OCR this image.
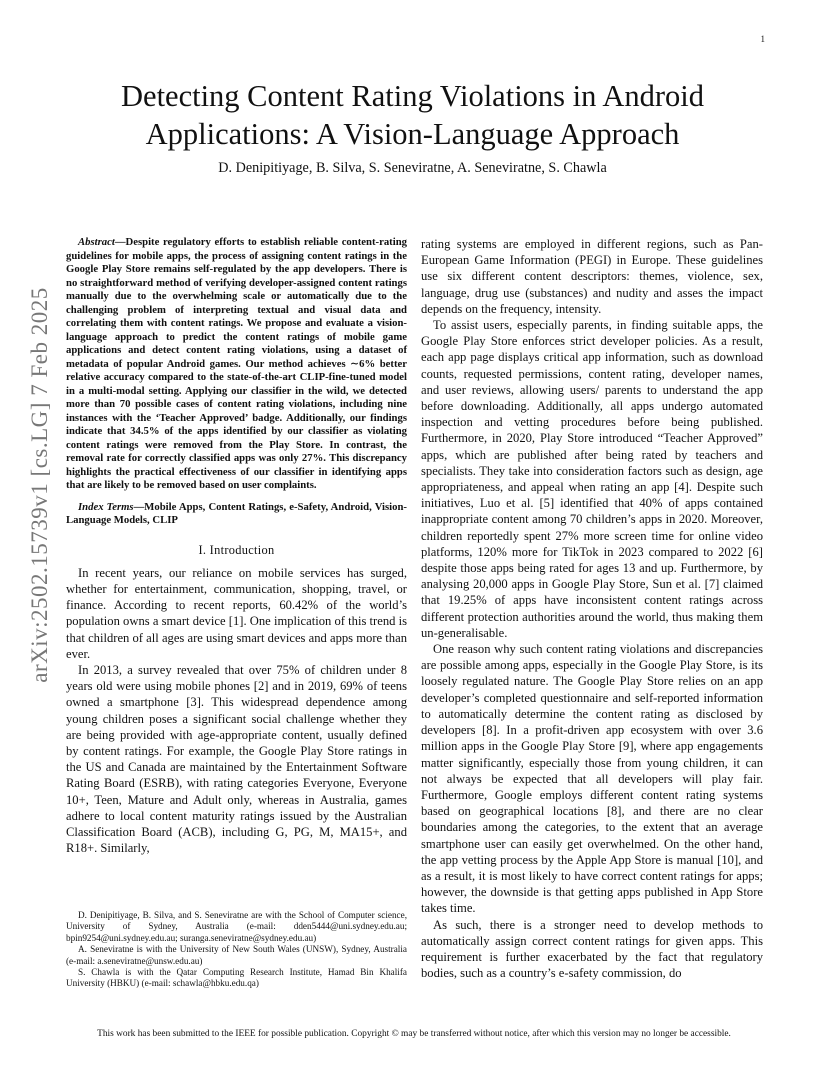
1
arXiv:2502.15739v1 [cs.LG] 7 Feb 2025
Detecting Content Rating Violations in Android Applications: A Vision-Language Approach
D. Denipitiyage, B. Silva, S. Seneviratne, A. Seneviratne, S. Chawla

Abstract—Despite regulatory efforts to establish reliable content-rating guidelines for mobile apps, the process of assigning content ratings in the Google Play Store remains self-regulated by the app developers. There is no straightforward method of verifying developer-assigned content ratings manually due to the overwhelming scale or automatically due to the challenging problem of interpreting textual and visual data and correlating them with content ratings. We propose and evaluate a vision-language approach to predict the content ratings of mobile game applications and detect content rating violations, using a dataset of metadata of popular Android games. Our method achieves ∼6% better relative accuracy compared to the state-of-the-art CLIP-fine-tuned model in a multi-modal setting. Applying our classifier in the wild, we detected more than 70 possible cases of content rating violations, including nine instances with the ‘Teacher Approved’ badge. Additionally, our findings indicate that 34.5% of the apps identified by our classifier as violating content ratings were removed from the Play Store. In contrast, the removal rate for correctly classified apps was only 27%. This discrepancy highlights the practical effectiveness of our classifier in identifying apps that are likely to be removed based on user complaints.

Index Terms—Mobile Apps, Content Ratings, e-Safety, Android, Vision-Language Models, CLIP

I. Introduction

In recent years, our reliance on mobile services has surged, whether for entertainment, communication, shopping, travel, or finance. According to recent reports, 60.42% of the world’s population owns a smart device [1]. One implication of this trend is that children of all ages are using smart devices and apps more than ever.

In 2013, a survey revealed that over 75% of children under 8 years old were using mobile phones [2] and in 2019, 69% of teens owned a smartphone [3]. This widespread dependence among young children poses a significant social challenge whether they are being provided with age-appropriate content, usually defined by content ratings. For example, the Google Play Store ratings in the US and Canada are maintained by the Entertainment Software Rating Board (ESRB), with rating categories Everyone, Everyone 10+, Teen, Mature and Adult only, whereas in Australia, games adhere to local content maturity ratings issued by the Australian Classification Board (ACB), including G, PG, M, MA15+, and R18+. Similarly,

rating systems are employed in different regions, such as Pan-European Game Information (PEGI) in Europe. These guidelines use six different content descriptors: themes, violence, sex, language, drug use (substances) and nudity and asses the impact depends on the frequency, intensity.

To assist users, especially parents, in finding suitable apps, the Google Play Store enforces strict developer policies. As a result, each app page displays critical app information, such as download counts, requested permissions, content rating, developer names, and user reviews, allowing users/ parents to understand the app before downloading. Additionally, all apps undergo automated inspection and vetting procedures before being published. Furthermore, in 2020, Play Store introduced “Teacher Approved” apps, which are published after being rated by teachers and specialists. They take into consideration factors such as design, age appropriateness, and appeal when rating an app [4]. Despite such initiatives, Luo et al. [5] identified that 40% of apps contained inappropriate content among 70 children’s apps in 2020. Moreover, children reportedly spent 27% more screen time for online video platforms, 120% more for TikTok in 2023 compared to 2022 [6] despite those apps being rated for ages 13 and up. Furthermore, by analysing 20,000 apps in Google Play Store, Sun et al. [7] claimed that 19.25% of apps have inconsistent content ratings across different protection authorities around the world, thus making them un-generalisable.

One reason why such content rating violations and discrepancies are possible among apps, especially in the Google Play Store, is its loosely regulated nature. The Google Play Store relies on an app developer’s completed questionnaire and self-reported information to automatically determine the content rating as disclosed by developers [8]. In a profit-driven app ecosystem with over 3.6 million apps in the Google Play Store [9], where app engagements matter significantly, especially those from young children, it can not always be expected that all developers will play fair. Furthermore, Google employs different content rating systems based on geographical locations [8], and there are no clear boundaries among the categories, to the extent that an average smartphone user can easily get overwhelmed. On the other hand, the app vetting process by the Apple App Store is manual [10], and as a result, it is most likely to have correct content ratings for apps; however, the downside is that getting apps published in App Store takes time.

As such, there is a stronger need to develop methods to automatically assign correct content ratings for given apps. This requirement is further exacerbated by the fact that regulatory bodies, such as a country’s e-safety commission, do

D. Denipitiyage, B. Silva, and S. Seneviratne are with the School of Computer science, University of Sydney, Australia (e-mail: dden5444@uni.sydney.edu.au; bpin9254@uni.sydney.edu.au; suranga.seneviratne@sydney.edu.au)

A. Seneviratne is with the University of New South Wales (UNSW), Sydney, Australia (e-mail: a.seneviratne@unsw.edu.au)

S. Chawla is with the Qatar Computing Research Institute, Hamad Bin Khalifa University (HBKU) (e-mail: schawla@hbku.edu.qa)

This work has been submitted to the IEEE for possible publication. Copyright © may be transferred without notice, after which this version may no longer be accessible.
